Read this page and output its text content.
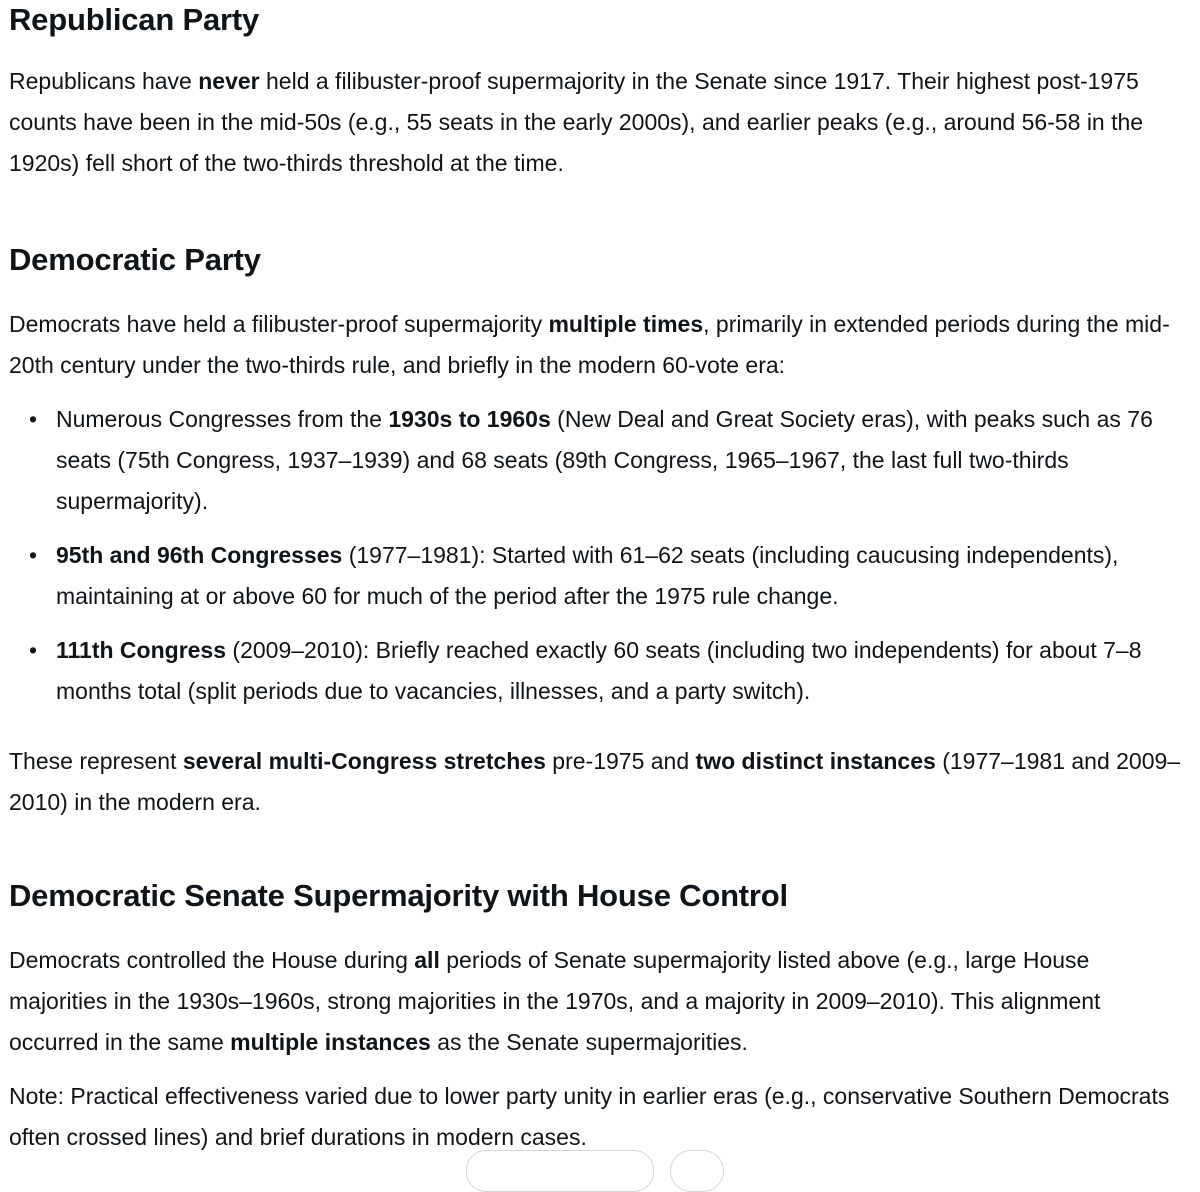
Republican Party

Republicans have never held a filibuster-proof supermajority in the Senate since 1917. Their highest post-1975 counts have been in the mid-50s (e.g., 55 seats in the early 2000s), and earlier peaks (e.g., around 56-58 in the 1920s) fell short of the two-thirds threshold at the time.

Democratic Party

Democrats have held a filibuster-proof supermajority multiple times, primarily in extended periods during the mid-20th century under the two-thirds rule, and briefly in the modern 60-vote era:

• Numerous Congresses from the 1930s to 1960s (New Deal and Great Society eras), with peaks such as 76 seats (75th Congress, 1937–1939) and 68 seats (89th Congress, 1965–1967, the last full two-thirds supermajority).
• 95th and 96th Congresses (1977–1981): Started with 61–62 seats (including caucusing independents), maintaining at or above 60 for much of the period after the 1975 rule change.
• 111th Congress (2009–2010): Briefly reached exactly 60 seats (including two independents) for about 7–8 months total (split periods due to vacancies, illnesses, and a party switch).

These represent several multi-Congress stretches pre-1975 and two distinct instances (1977–1981 and 2009–2010) in the modern era.

Democratic Senate Supermajority with House Control

Democrats controlled the House during all periods of Senate supermajority listed above (e.g., large House majorities in the 1930s–1960s, strong majorities in the 1970s, and a majority in 2009–2010). This alignment occurred in the same multiple instances as the Senate supermajorities.

Note: Practical effectiveness varied due to lower party unity in earlier eras (e.g., conservative Southern Democrats often crossed lines) and brief durations in modern cases.
